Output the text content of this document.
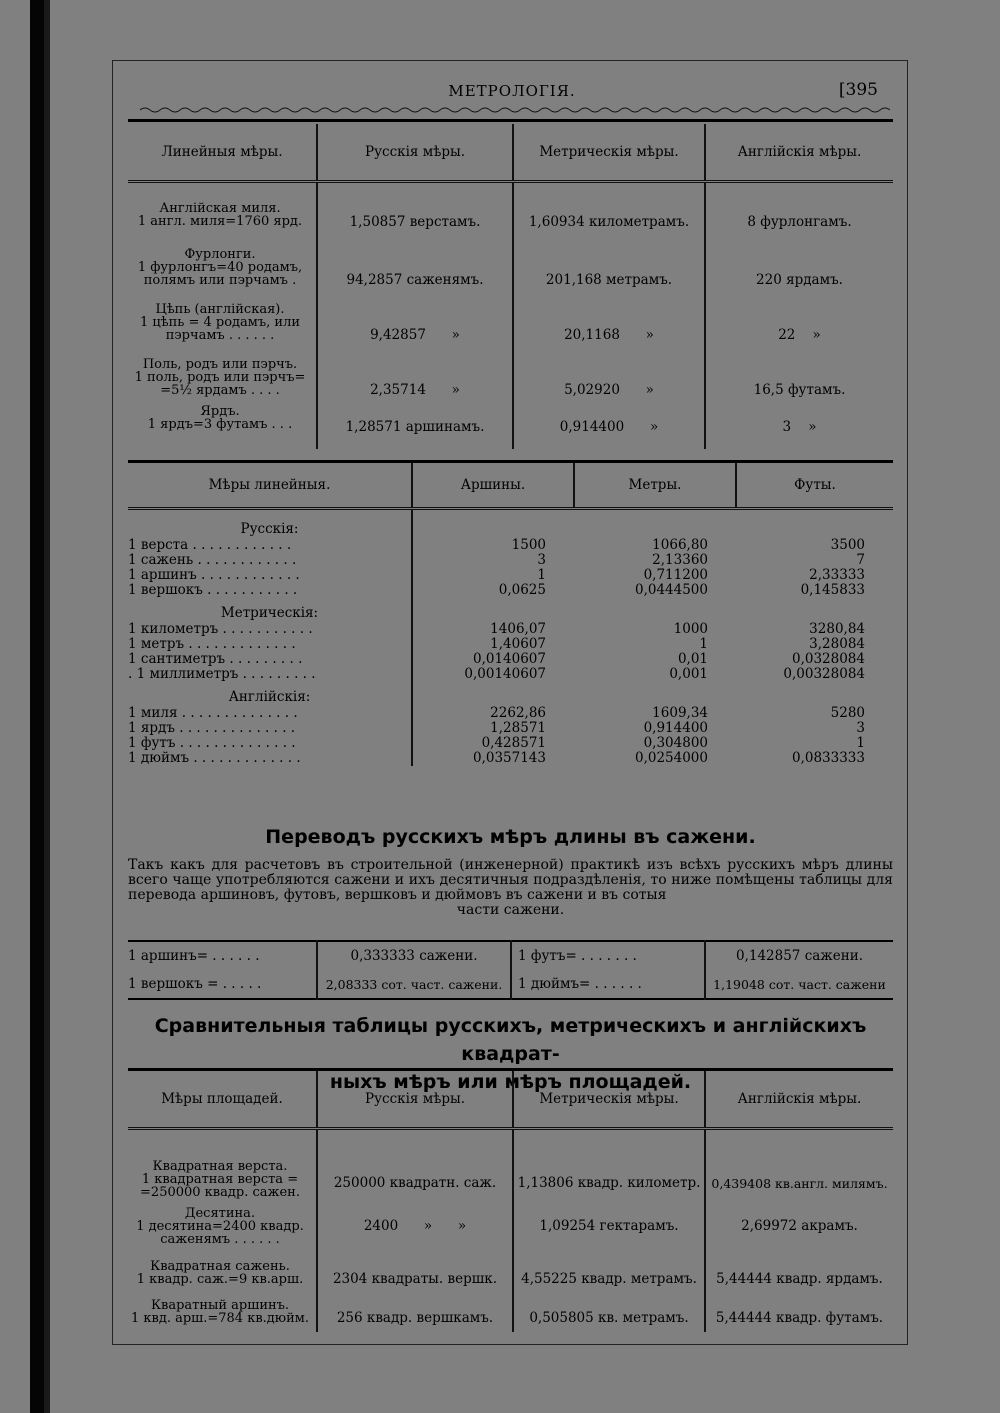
МЕТРОЛОГІЯ.	[395
Линейныя мѣры.	Русскія мѣры.	Метрическія мѣры.	Англійскія мѣры.

Англійская миля.
1 англ. миля=1760 ярд.	1,50857 верстамъ.	1,60934 километрамъ.	8 фурлонгамъ.

Фурлонги.
1 фурлонгъ=40 родамъ,
полямъ или пэрчамъ .	94,2857 саженямъ.	201,168 метрамъ.	220 ярдамъ.

Цѣпь (англійская).
1 цѣпь = 4 родамъ, или
пэрчамъ . . . . . .	9,42857      »	20,1168      »	22    »

Поль, родъ или пэрчъ.
1 поль, родъ или пэрчъ=
=5½ ярдамъ . . . .	2,35714      »	5,02920      »	16,5 футамъ.

Ярдъ.
1 ярдъ=3 футамъ . . .	1,28571 аршинамъ.	0,914400      »	3    »
Мѣры линейныя.	Аршины.	Метры.	Футы.
Русскія:			
1 верста . . . . . . . . . . . .	1500	1066,80	3500
1 сажень . . . . . . . . . . . .	3	2,13360	7
1 аршинъ . . . . . . . . . . . .	1	0,711200	2,33333
1 вершокъ . . . . . . . . . . .	0,0625	0,0444500	0,145833
Метрическія:			
1 километръ . . . . . . . . . . .	1406,07	1000	3280,84
1 метръ . . . . . . . . . . . . .	1,40607	1	3,28084
1 сантиметръ . . . . . . . . .	0,0140607	0,01	0,0328084
. 1 миллиметръ . . . . . . . . .	0,00140607	0,001	0,00328084
Англійскія:			
1 миля . . . . . . . . . . . . . .	2262,86	1609,34	5280
1 ярдъ . . . . . . . . . . . . . .	1,28571	0,914400	3
1 футъ . . . . . . . . . . . . . .	0,428571	0,304800	1
1 дюймъ . . . . . . . . . . . . .	0,0357143	0,0254000	0,0833333
Переводъ русскихъ мѣръ длины въ сажени.
Такъ какъ для расчетовъ въ строительной (инженерной) практикѣ изъ всѣхъ русскихъ мѣръ длины всего чаще употребляются сажени и ихъ десятичныя подраздѣленія, то ниже помѣщены таблицы для перевода аршиновъ, футовъ, вершковъ и дюймовъ въ сажени и въ сотыя
части сажени.
1 аршинъ= . . . . . .	0,333333 сажени.	1 футъ= . . . . . . .	0,142857 сажени.
1 вершокъ = . . . . .	2,08333 сот. част. сажени.	1 дюймъ= . . . . . .	1,19048 сот. част. сажени
Сравнительныя таблицы русскихъ, метрическихъ и англійскихъ квадрат-
ныхъ мѣръ или мѣръ площадей.
Мѣры площадей.	Русскія мѣры.	Метрическія мѣры.	Англійскія мѣры.

Квадратная верста.
1 квадратная верста =
=250000 квадр. сажен.	250000 квадратн. саж.	1,13806 квадр. километр.	0,439408 кв.англ. милямъ.

Десятина.
1 десятина=2400 квадр.
саженямъ . . . . . .	2400      »      »	1,09254 гектарамъ.	2,69972 акрамъ.

Квадратная сажень.
1 квадр. саж.=9 кв.арш.	2304 квадраты. вершк.	4,55225 квадр. метрамъ.	5,44444 квадр. ярдамъ.

Кваратный аршинъ.
1 квд. арш.=784 кв.дюйм.	256 квадр. вершкамъ.	0,505805 кв. метрамъ.	5,44444 квадр. футамъ.
